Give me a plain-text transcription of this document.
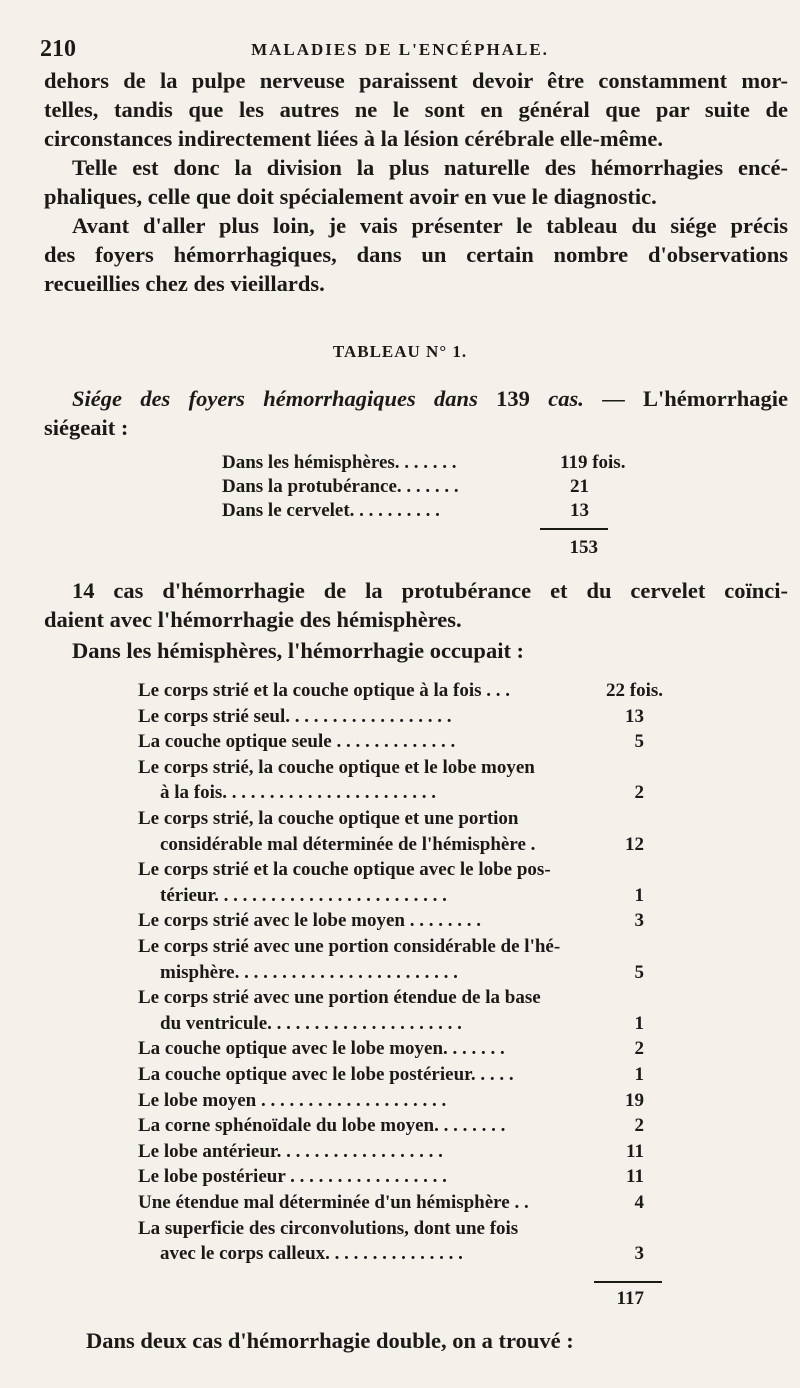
210	MALADIES DE L'ENCÉPHALE.
dehors de la pulpe nerveuse paraissent devoir être constamment mor-
telles, tandis que les autres ne le sont en général que par suite de
circonstances indirectement liées à la lésion cérébrale elle-même.
Telle est donc la division la plus naturelle des hémorrhagies encé-
phaliques, celle que doit spécialement avoir en vue le diagnostic.
Avant d'aller plus loin, je vais présenter le tableau du siége précis
des foyers hémorrhagiques, dans un certain nombre d'observations
recueillies chez des vieillards.
TABLEAU N° 1.
Siége des foyers hémorrhagiques dans 139 cas. — L'hémorrhagie
siégeait :
Dans les hémisphères. . . . . . .	119 fois.
Dans la protubérance. . . . . . .	21
Dans le cervelet. . . . . . . . . .	13
153
14 cas d'hémorrhagie de la protubérance et du cervelet coïnci-
daient avec l'hémorrhagie des hémisphères.
Dans les hémisphères, l'hémorrhagie occupait :
Le corps strié et la couche optique à la fois . . .	22 fois.
Le corps strié seul. . . . . . . . . . . . . . . . . .	13
La couche optique seule . . . . . . . . . . . . .	5
Le corps strié, la couche optique et le lobe moyen
à la fois. . . . . . . . . . . . . . . . . . . . . . .	2
Le corps strié, la couche optique et une portion
considérable mal déterminée de l'hémisphère .	12
Le corps strié et la couche optique avec le lobe pos-
térieur. . . . . . . . . . . . . . . . . . . . . . . . .	1
Le corps strié avec le lobe moyen . . . . . . . .	3
Le corps strié avec une portion considérable de l'hé-
misphère. . . . . . . . . . . . . . . . . . . . . . . .	5
Le corps strié avec une portion étendue de la base
du ventricule. . . . . . . . . . . . . . . . . . . . .	1
La couche optique avec le lobe moyen. . . . . . .	2
La couche optique avec le lobe postérieur. . . . .	1
Le lobe moyen . . . . . . . . . . . . . . . . . . . .	19
La corne sphénoïdale du lobe moyen. . . . . . . .	2
Le lobe antérieur. . . . . . . . . . . . . . . . . .	11
Le lobe postérieur . . . . . . . . . . . . . . . . .	11
Une étendue mal déterminée d'un hémisphère . .	4
La superficie des circonvolutions, dont une fois
avec le corps calleux. . . . . . . . . . . . . . .	3
117
Dans deux cas d'hémorrhagie double, on a trouvé :
